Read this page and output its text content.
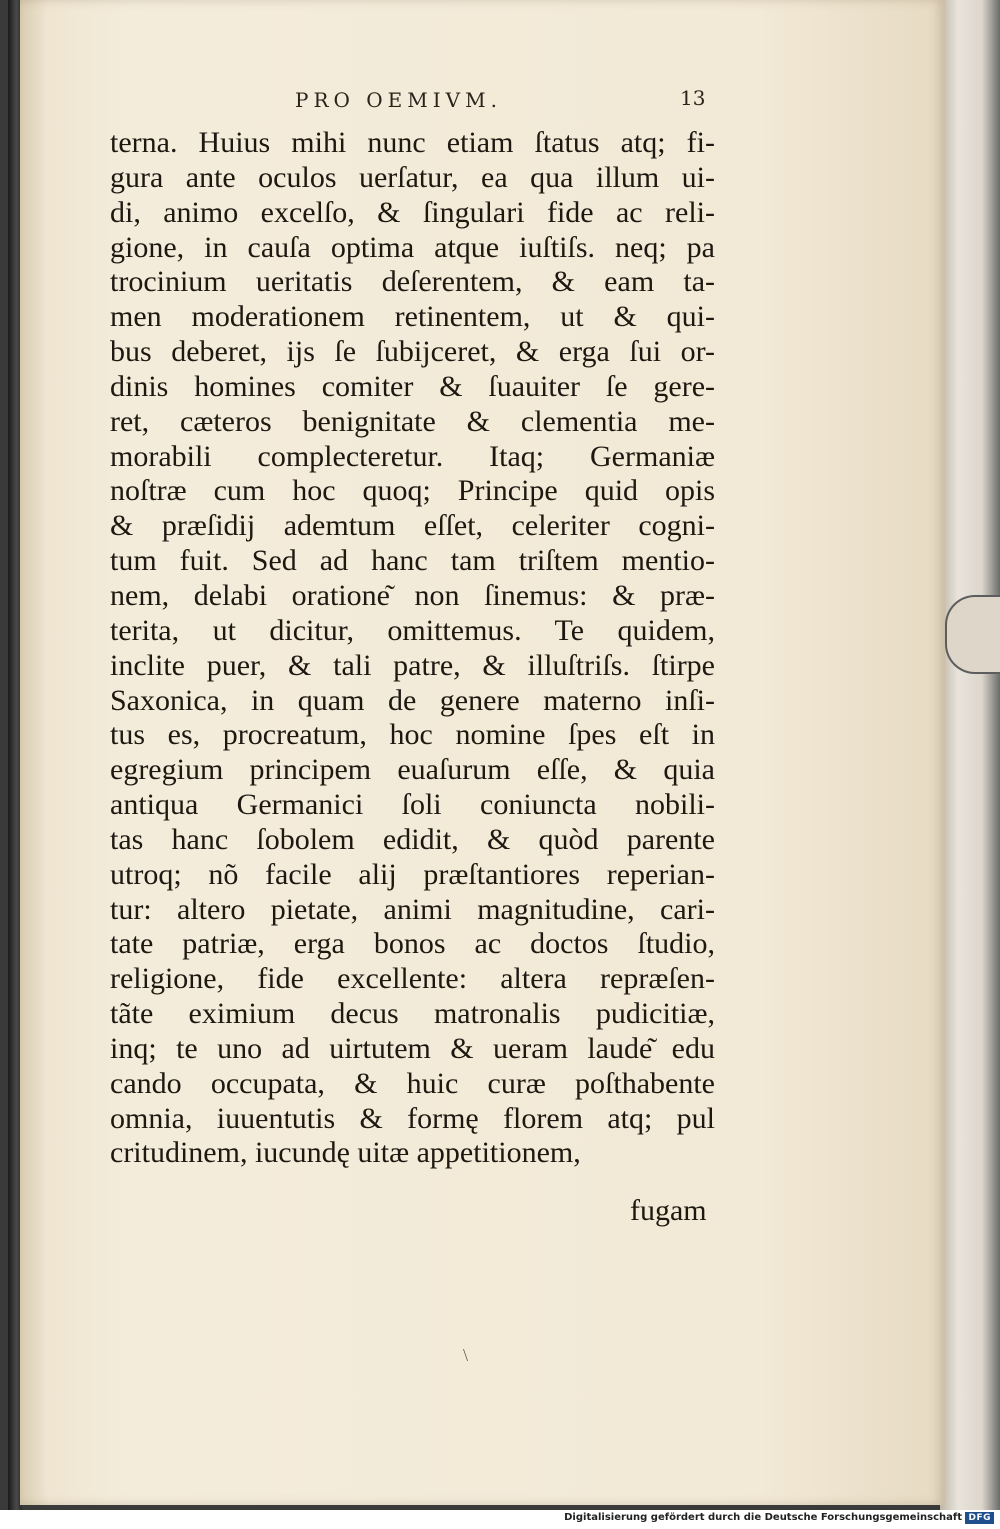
PRO OEMIVM.	13
terna. Huius mihi nunc etiam ſtatus atq; fi-
gura ante oculos uerſatur, ea qua illum ui-
di, animo excelſo, & ſingulari fide ac reli-
gione, in cauſa optima atque iuſtiſs. neq; pa
trocinium ueritatis deſerentem, & eam ta-
men moderationem retinentem, ut & qui-
bus deberet, ijs ſe ſubijceret, & erga ſui or-
dinis homines comiter & ſuauiter ſe gere-
ret, cæteros benignitate & clementia me-
morabili complecteretur. Itaq; Germaniæ
noſtræ cum hoc quoq; Principe quid opis
& præſidij ademtum eſſet, celeriter cogni-
tum fuit. Sed ad hanc tam triſtem mentio-
nem, delabi oratione͂ non ſinemus: & præ-
terita, ut dicitur, omittemus. Te quidem,
inclite puer, & tali patre, & illuſtriſs. ſtirpe
Saxonica, in quam de genere materno inſi-
tus es, procreatum, hoc nomine ſpes eſt in
egregium principem euaſurum eſſe, & quia
antiqua Germanici ſoli coniuncta nobili-
tas hanc ſobolem edidit, & quòd parente
utroq; nõ facile alij præſtantiores reperian-
tur: altero pietate, animi magnitudine, cari-
tate patriæ, erga bonos ac doctos ſtudio,
religione, fide excellente: altera repræſen-
tãte eximium decus matronalis pudicitiæ,
inq; te uno ad uirtutem & ueram laude͂ edu
cando occupata, & huic curæ poſthabente
omnia, iuuentutis & formę florem atq; pul
critudinem, iucundę uitæ appetitionem,
fugam
\
Digitalisierung gefördert durch die Deutsche Forschungsgemeinschaft DFG
